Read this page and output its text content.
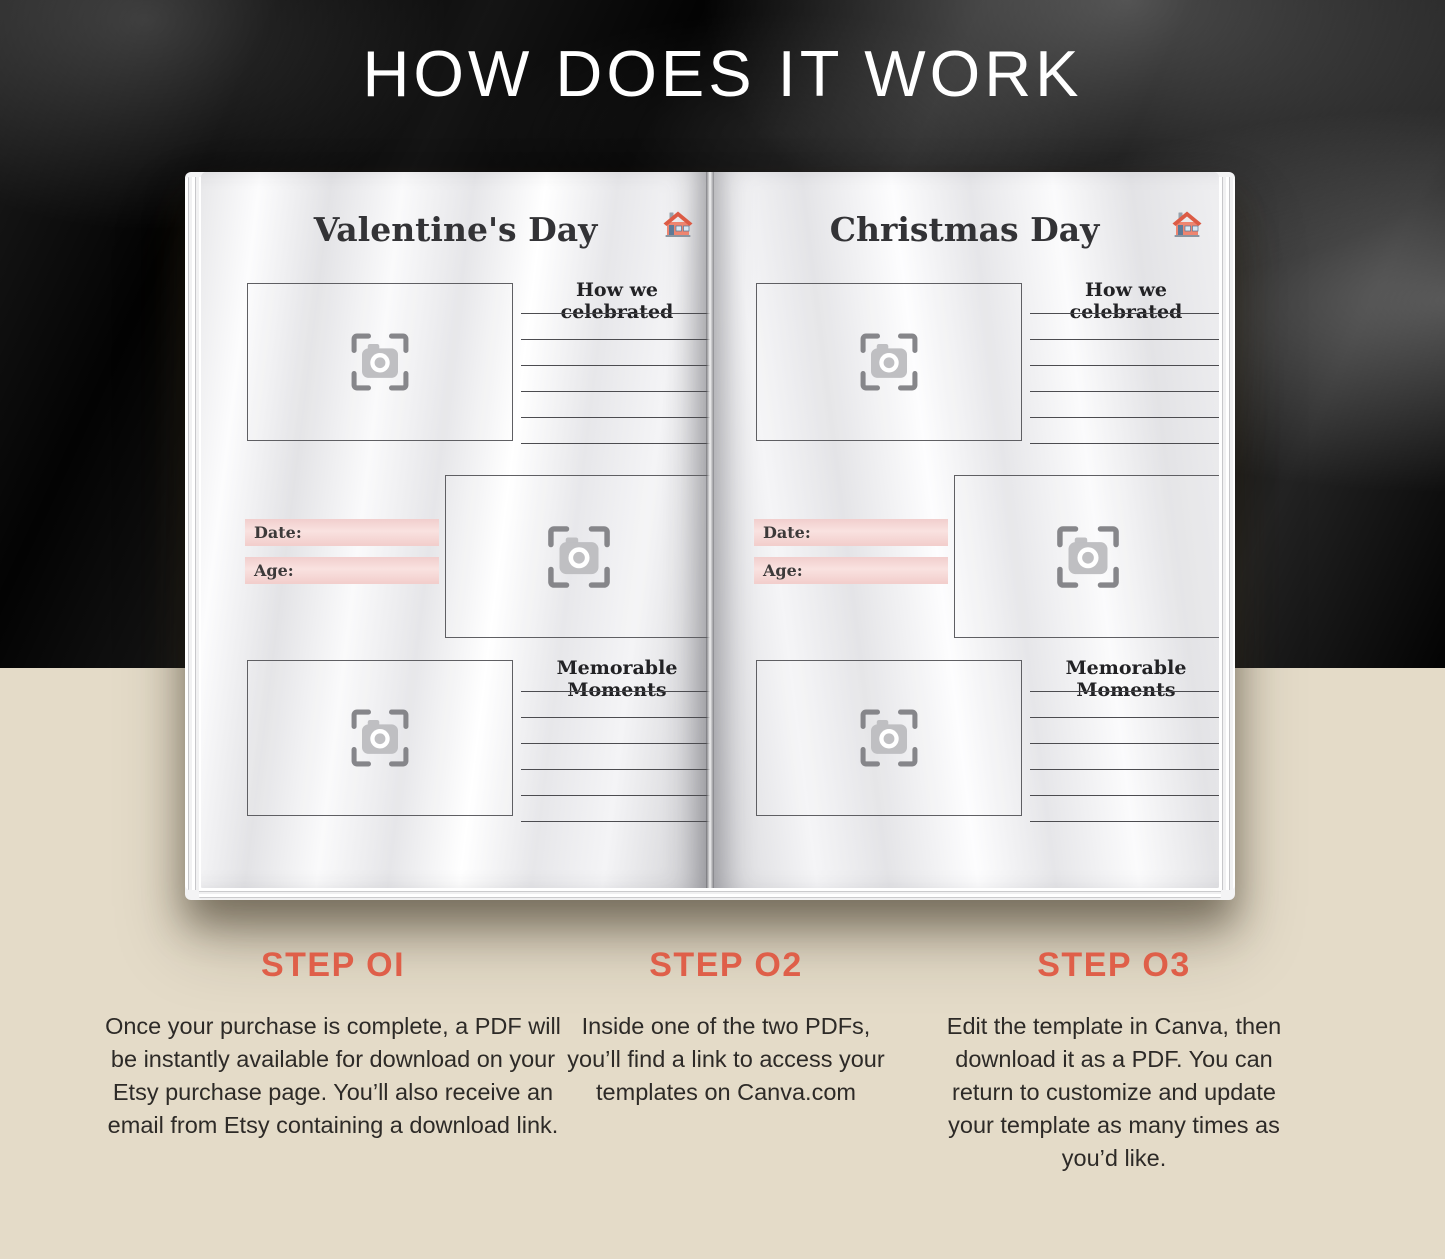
HOW DOES IT WORK
Valentine's Day
How we celebrated
Date:
Age:
Memorable Moments
Christmas Day
How we celebrated
Date:
Age:
Memorable Moments
STEP OI

Once your purchase is complete, a PDF will be instantly available for download on your Etsy purchase page. You’ll also receive an email from Etsy containing a download link.

STEP O2

Inside one of the two PDFs, you’ll find a link to access your templates on Canva.com

STEP O3

Edit the template in Canva, then download it as a PDF. You can return to customize and update your template as many times as you’d like.
